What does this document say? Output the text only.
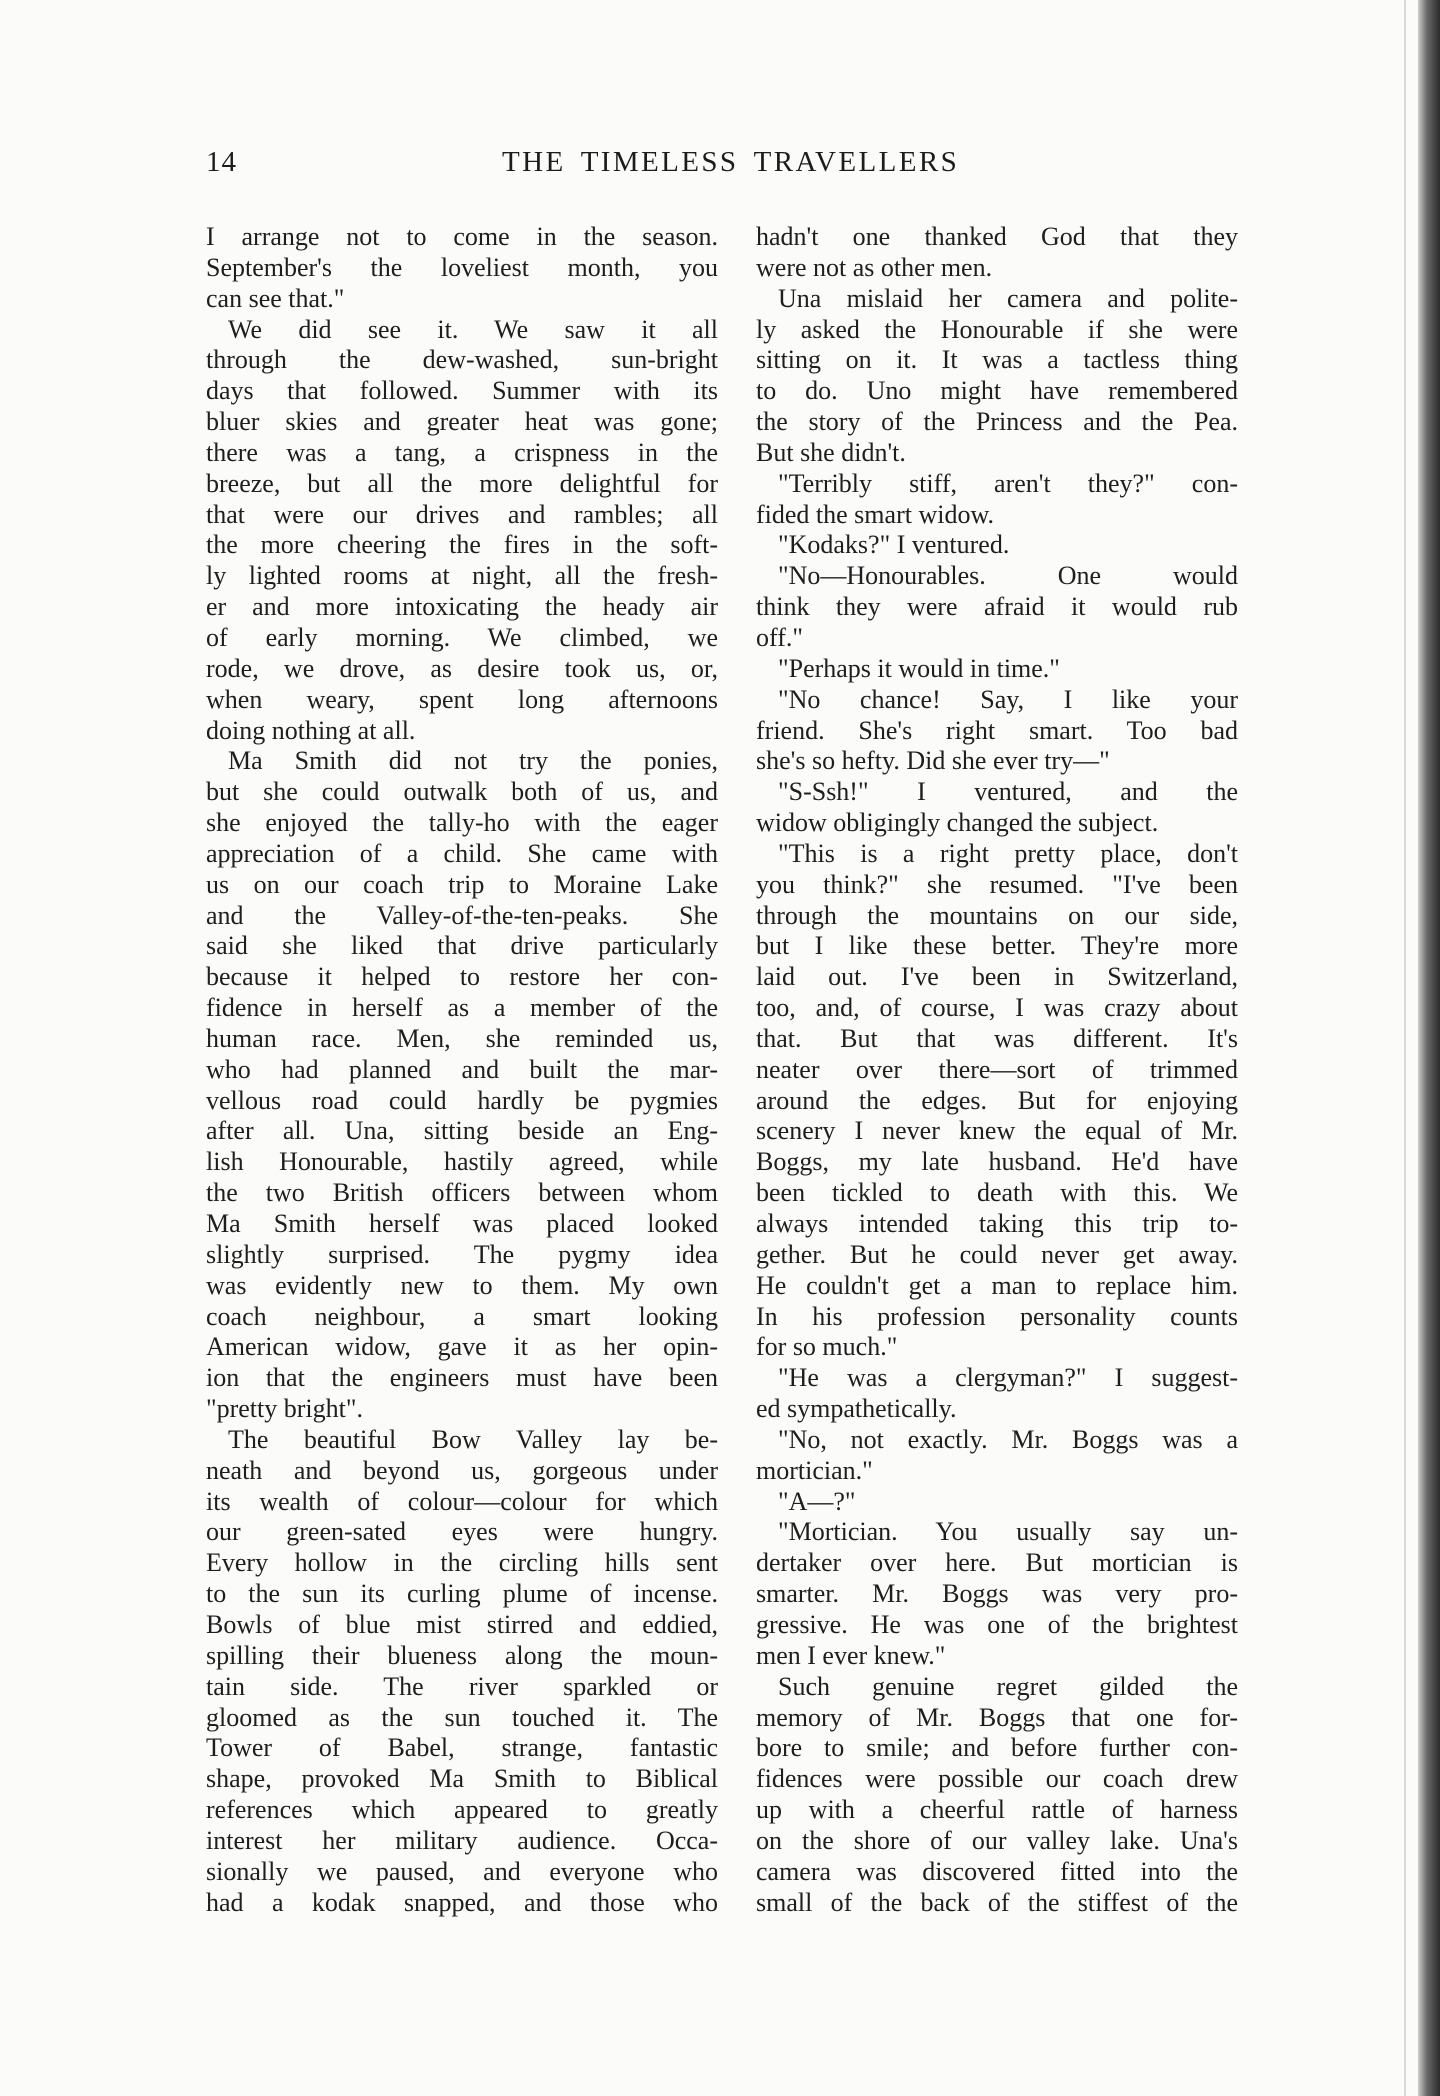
14	THE TIMELESS TRAVELLERS

I arrange not to come in the season.
September's the loveliest month, you
can see that."

We did see it. We saw it all
through the dew-washed, sun-bright
days that followed. Summer with its
bluer skies and greater heat was gone;
there was a tang, a crispness in the
breeze, but all the more delightful for
that were our drives and rambles; all
the more cheering the fires in the soft-
ly lighted rooms at night, all the fresh-
er and more intoxicating the heady air
of early morning. We climbed, we
rode, we drove, as desire took us, or,
when weary, spent long afternoons
doing nothing at all.

Ma Smith did not try the ponies,
but she could outwalk both of us, and
she enjoyed the tally-ho with the eager
appreciation of a child. She came with
us on our coach trip to Moraine Lake
and the Valley-of-the-ten-peaks. She
said she liked that drive particularly
because it helped to restore her con-
fidence in herself as a member of the
human race. Men, she reminded us,
who had planned and built the mar-
vellous road could hardly be pygmies
after all. Una, sitting beside an Eng-
lish Honourable, hastily agreed, while
the two British officers between whom
Ma Smith herself was placed looked
slightly surprised. The pygmy idea
was evidently new to them. My own
coach neighbour, a smart looking
American widow, gave it as her opin-
ion that the engineers must have been
"pretty bright".

The beautiful Bow Valley lay be-
neath and beyond us, gorgeous under
its wealth of colour—colour for which
our green-sated eyes were hungry.
Every hollow in the circling hills sent
to the sun its curling plume of incense.
Bowls of blue mist stirred and eddied,
spilling their blueness along the moun-
tain side. The river sparkled or
gloomed as the sun touched it. The
Tower of Babel, strange, fantastic
shape, provoked Ma Smith to Biblical
references which appeared to greatly
interest her military audience. Occa-
sionally we paused, and everyone who
had a kodak snapped, and those who

hadn't one thanked God that they
were not as other men.

Una mislaid her camera and polite-
ly asked the Honourable if she were
sitting on it. It was a tactless thing
to do. Uno might have remembered
the story of the Princess and the Pea.
But she didn't.

"Terribly stiff, aren't they?" con-
fided the smart widow.

"Kodaks?" I ventured.

"No—Honourables. One would
think they were afraid it would rub
off."

"Perhaps it would in time."

"No chance! Say, I like your
friend. She's right smart. Too bad
she's so hefty. Did she ever try—"

"S-Ssh!" I ventured, and the
widow obligingly changed the subject.

"This is a right pretty place, don't
you think?" she resumed. "I've been
through the mountains on our side,
but I like these better. They're more
laid out. I've been in Switzerland,
too, and, of course, I was crazy about
that. But that was different. It's
neater over there—sort of trimmed
around the edges. But for enjoying
scenery I never knew the equal of Mr.
Boggs, my late husband. He'd have
been tickled to death with this. We
always intended taking this trip to-
gether. But he could never get away.
He couldn't get a man to replace him.
In his profession personality counts
for so much."

"He was a clergyman?" I suggest-
ed sympathetically.

"No, not exactly. Mr. Boggs was a
mortician."

"A—?"

"Mortician. You usually say un-
dertaker over here. But mortician is
smarter. Mr. Boggs was very pro-
gressive. He was one of the brightest
men I ever knew."

Such genuine regret gilded the
memory of Mr. Boggs that one for-
bore to smile; and before further con-
fidences were possible our coach drew
up with a cheerful rattle of harness
on the shore of our valley lake. Una's
camera was discovered fitted into the
small of the back of the stiffest of the
